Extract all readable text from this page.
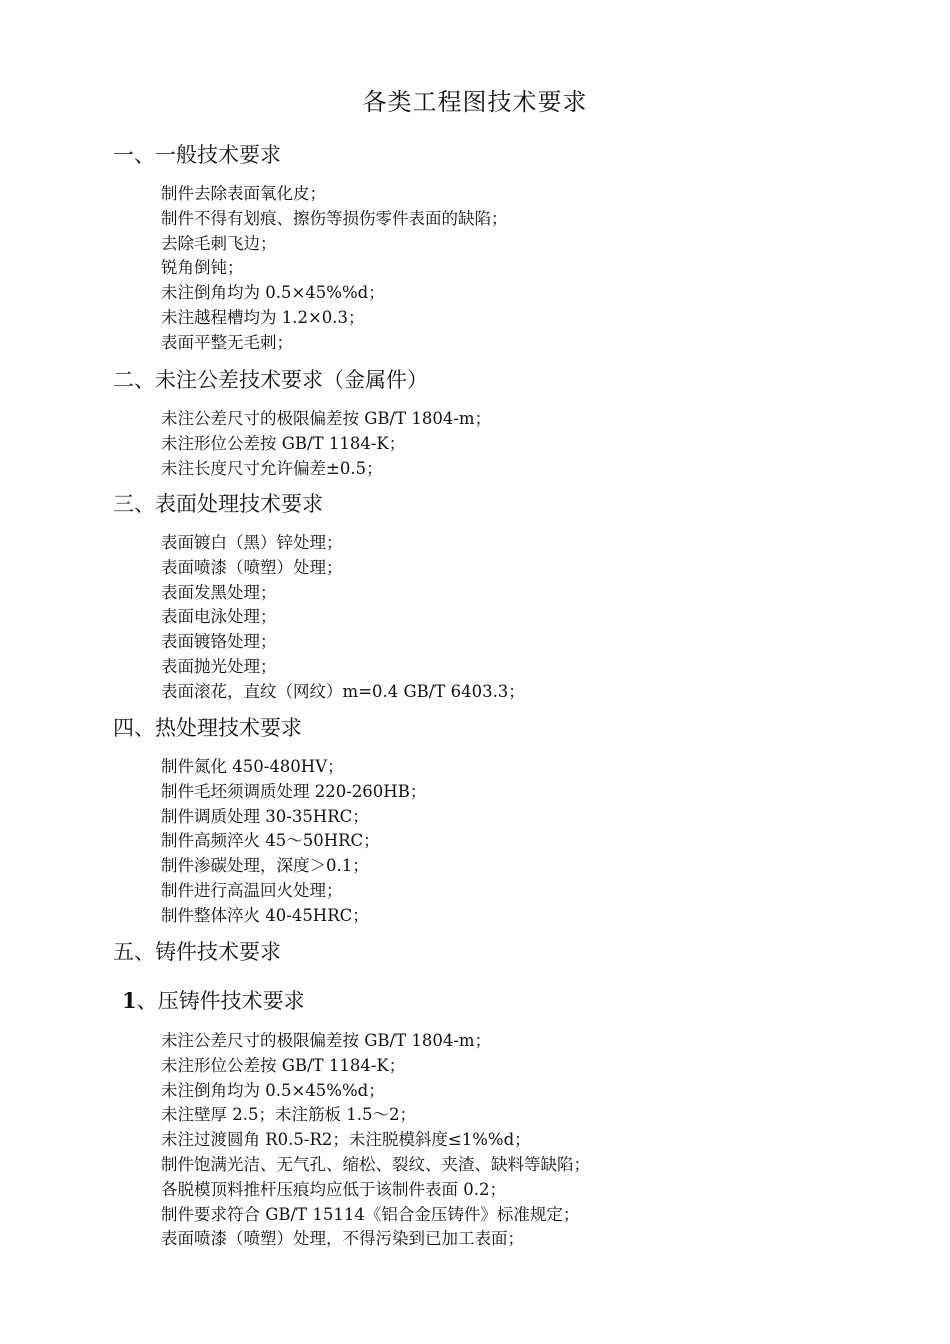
各类工程图技术要求
一、一般技术要求
制件去除表面氧化皮；
制件不得有划痕、擦伤等损伤零件表面的缺陷；
去除毛刺飞边；
锐角倒钝；
未注倒角均为 0.5×45%%d；
未注越程槽均为 1.2×0.3；
表面平整无毛刺；
二、未注公差技术要求（金属件）
未注公差尺寸的极限偏差按 GB/T 1804-m；
未注形位公差按 GB/T 1184-K；
未注长度尺寸允许偏差±0.5；
三、表面处理技术要求
表面镀白（黑）锌处理；
表面喷漆（喷塑）处理；
表面发黑处理；
表面电泳处理；
表面镀铬处理；
表面抛光处理；
表面滚花，直纹（网纹）m=0.4 GB/T 6403.3；
四、热处理技术要求
制件氮化 450-480HV；
制件毛坯须调质处理 220-260HB；
制件调质处理 30-35HRC；
制件高频淬火 45～50HRC；
制件渗碳处理，深度＞0.1；
制件进行高温回火处理；
制件整体淬火 40-45HRC；
五、铸件技术要求
1、压铸件技术要求
未注公差尺寸的极限偏差按 GB/T 1804-m；
未注形位公差按 GB/T 1184-K；
未注倒角均为 0.5×45%%d；
未注壁厚 2.5；未注筋板 1.5～2；
未注过渡圆角 R0.5-R2；未注脱模斜度≤1%%d；
制件饱满光洁、无气孔、缩松、裂纹、夹渣、缺料等缺陷；
各脱模顶料推杆压痕均应低于该制件表面 0.2；
制件要求符合 GB/T 15114《铝合金压铸件》标准规定；
表面喷漆（喷塑）处理，不得污染到已加工表面；
